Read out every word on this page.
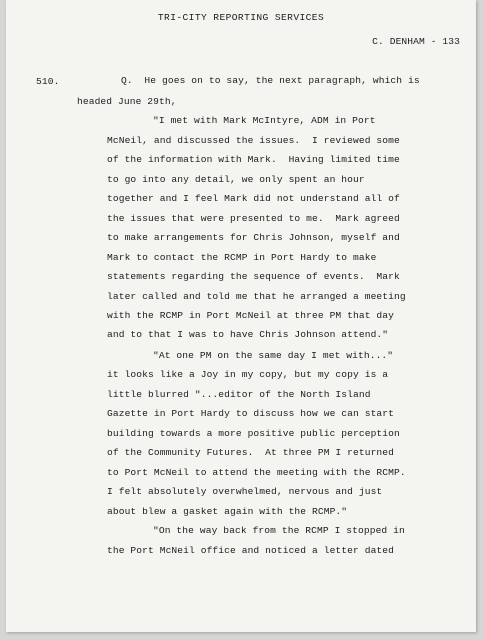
TRI-CITY REPORTING SERVICES
C. DENHAM - 133
510.	Q.  He goes on to say, the next paragraph, which is
headed June 29th,
"I met with Mark McIntyre, ADM in Port
McNeil, and discussed the issues.  I reviewed some
of the information with Mark.  Having limited time
to go into any detail, we only spent an hour
together and I feel Mark did not understand all of
the issues that were presented to me.  Mark agreed
to make arrangements for Chris Johnson, myself and
Mark to contact the RCMP in Port Hardy to make
statements regarding the sequence of events.  Mark
later called and told me that he arranged a meeting
with the RCMP in Port McNeil at three PM that day
and to that I was to have Chris Johnson attend."
"At one PM on the same day I met with..."
it looks like a Joy in my copy, but my copy is a
little blurred "...editor of the North Island
Gazette in Port Hardy to discuss how we can start
building towards a more positive public perception
of the Community Futures.  At three PM I returned
to Port McNeil to attend the meeting with the RCMP.
I felt absolutely overwhelmed, nervous and just
about blew a gasket again with the RCMP."
"On the way back from the RCMP I stopped in
the Port McNeil office and noticed a letter dated
